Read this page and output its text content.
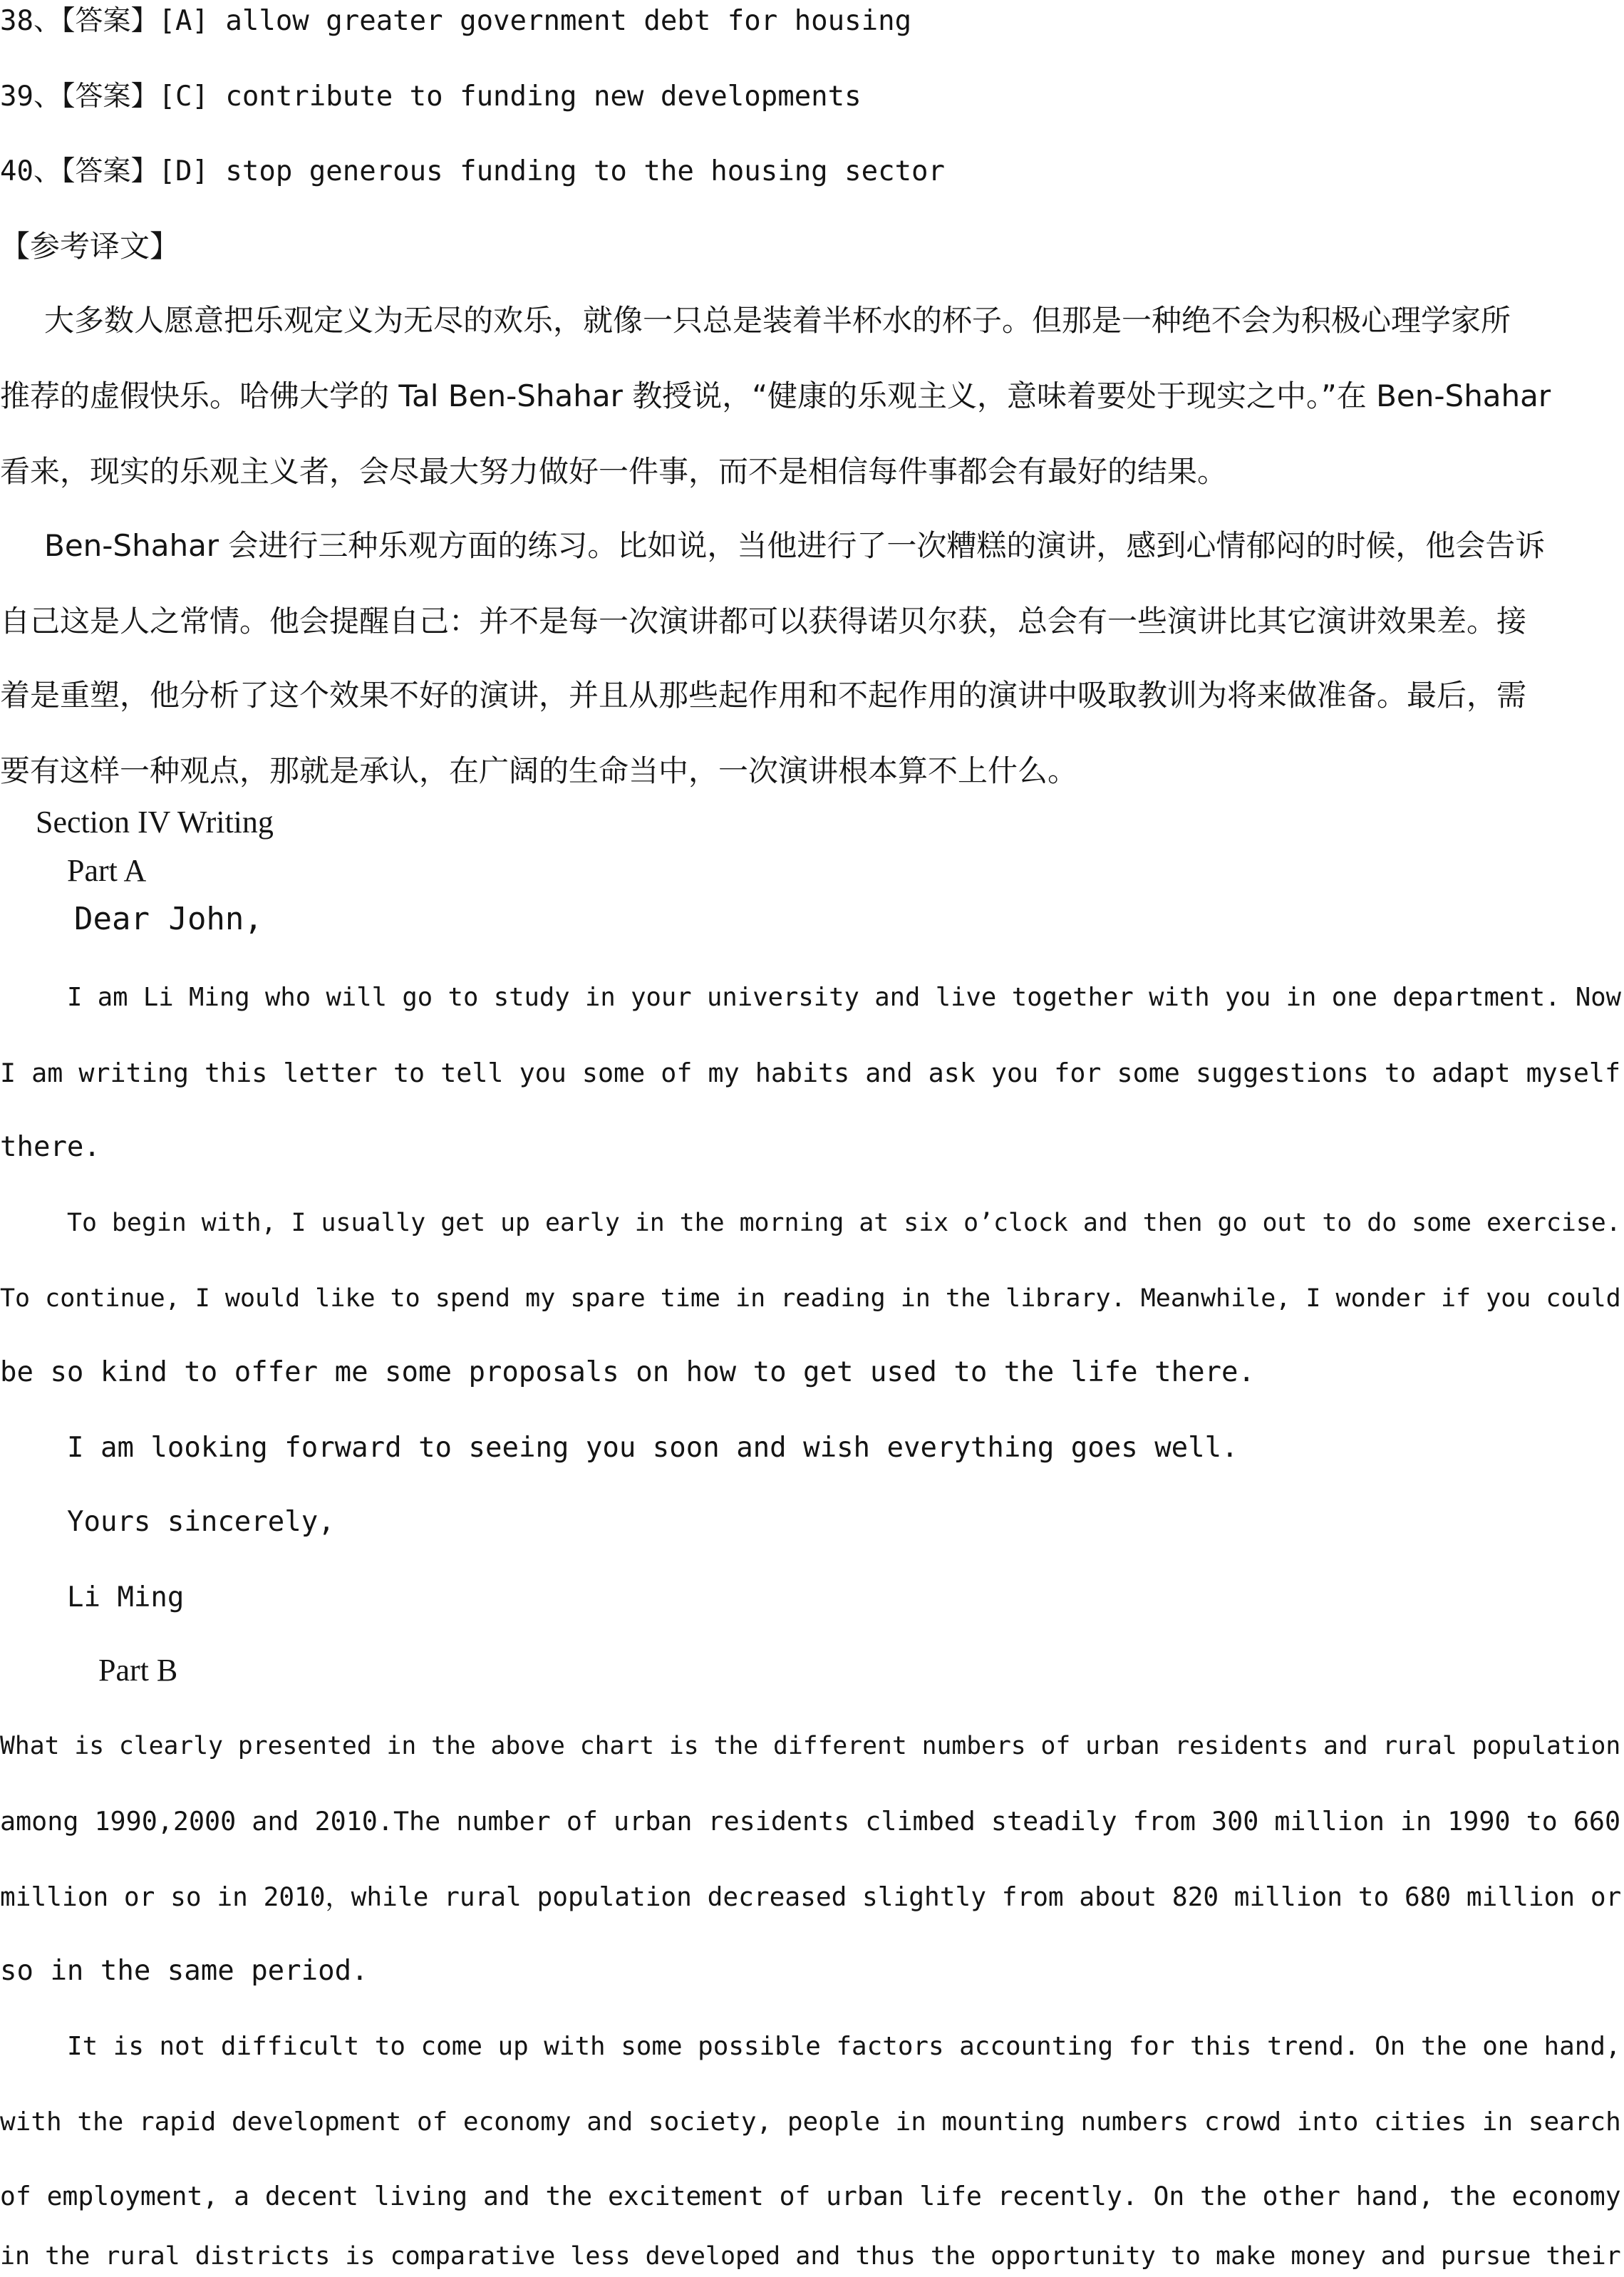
38、【答案】[A] allow greater government debt for housing

39、【答案】[C] contribute to funding new developments

40、【答案】[D] stop generous funding to the housing sector

【参考译文】

　大多数人愿意把乐观定义为无尽的欢乐，就像一只总是装着半杯水的杯子。但那是一种绝不会为积极心理学家所

推荐的虚假快乐。哈佛大学的 Tal Ben-Shahar 教授说，“健康的乐观主义，意味着要处于现实之中。”在 Ben-Shahar

看来，现实的乐观主义者，会尽最大努力做好一件事，而不是相信每件事都会有最好的结果。

　Ben-Shahar 会进行三种乐观方面的练习。比如说，当他进行了一次糟糕的演讲，感到心情郁闷的时候，他会告诉

自己这是人之常情。他会提醒自己：并不是每一次演讲都可以获得诺贝尔获，总会有一些演讲比其它演讲效果差。接

着是重塑，他分析了这个效果不好的演讲，并且从那些起作用和不起作用的演讲中吸取教训为将来做准备。最后，需

要有这样一种观点，那就是承认，在广阔的生命当中，一次演讲根本算不上什么。

Section IV Writing

Part A

Dear John,

I am Li Ming who will go to study in your university and live together with you in one department. Now

I am writing this letter to tell you some of my habits and ask you for some suggestions to adapt myself

there.

To begin with, I usually get up early in the morning at six o’clock and then go out to do some exercise.

To continue, I would like to spend my spare time in reading in the library. Meanwhile, I wonder if you could

be so kind to offer me some proposals on how to get used to the life there.

I am looking forward to seeing you soon and wish everything goes well.

Yours sincerely,

Li Ming

Part B

What is clearly presented in the above chart is the different numbers of urban residents and rural population

among 1990,2000 and 2010.The number of urban residents climbed steadily from 300 million in 1990 to 660

million or so in 2010，while rural population decreased slightly from about 820 million to 680 million or

so in the same period.

It is not difficult to come up with some possible factors accounting for this trend. On the one hand,

with the rapid development of economy and society, people in mounting numbers crowd into cities in search

of employment, a decent living and the excitement of urban life recently. On the other hand, the economy

in the rural districts is comparative less developed and thus the opportunity to make money and pursue their
